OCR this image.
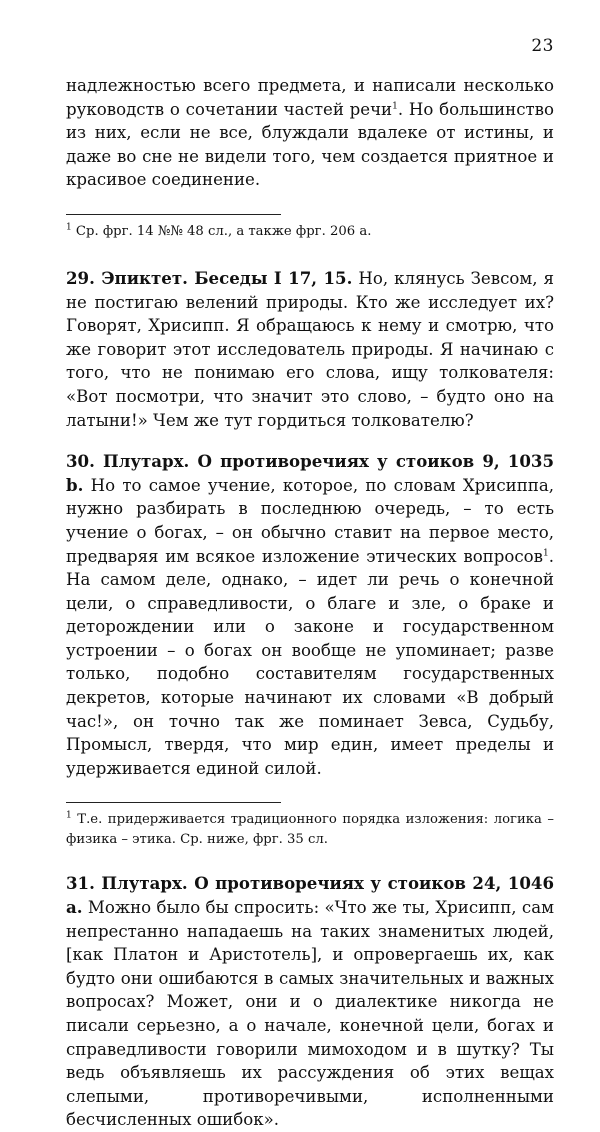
23

надлежностью всего предмета, и написали несколько руководств о сочетании частей речи$^1$. Но большинство из них, если не все, блуждали вдалеке от истины, и даже во сне не видели того, чем создается приятное и красивое соединение.

$^1$ Ср. фрг. 14 №№ 48 сл., а также фрг. 206 а.

29. Эпиктет. Беседы I 17, 15. Но, клянусь Зевсом, я не постигаю велений природы. Кто же исследует их? Говорят, Хрисипп. Я обращаюсь к нему и смотрю, что же говорит этот исследователь природы. Я начинаю с того, что не понимаю его слова, ищу толкователя: «Вот посмотри, что значит это слово, – будто оно на латыни!» Чем же тут гордиться толкователю?

30. Плутарх. О противоречиях у стоиков 9, 1035 b. Но то самое учение, которое, по словам Хрисиппа, нужно разбирать в последнюю очередь, – то есть учение о богах, – он обычно ставит на первое место, предваряя им всякое изложение этических вопросов$^1$. На самом деле, однако, – идет ли речь о конечной цели, о справедливости, о благе и зле, о браке и деторождении или о законе и государственном устроении – о богах он вообще не упоминает; разве только, подобно составителям государственных декретов, которые начинают их словами «В добрый час!», он точно так же поминает Зевса, Судьбу, Промысл, твердя, что мир един, имеет пределы и удерживается единой силой.

$^1$ Т.е. придерживается традиционного порядка изложения: логика – физика – этика. Ср. ниже, фрг. 35 сл.

31. Плутарх. О противоречиях у стоиков 24, 1046 а. Можно было бы спросить: «Что же ты, Хрисипп, сам непрестанно нападаешь на таких знаменитых людей, [как Платон и Аристотель], и опровергаешь их, как будто они ошибаются в самых значительных и важных вопросах? Может, они и о диалектике никогда не писали серьезно, а о начале, конечной цели, богах и справедливости говорили мимоходом и в шутку? Ты ведь объявляешь их рассуждения об этих вещах слепыми, противоречивыми, исполненными бесчисленных ошибок».
